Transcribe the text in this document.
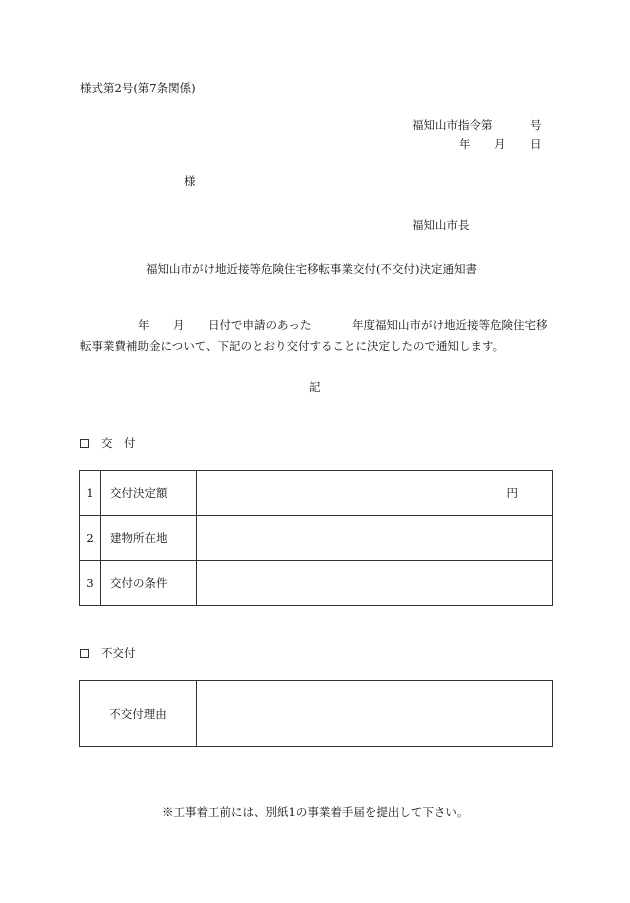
様式第2号(第7条関係)
福知山市指令第	号
年 月 日
様
福知山市長
福知山市がけ地近接等危険住宅移転事業交付(不交付)決定通知書
年 月 日付で申請のあった	年度福知山市がけ地近接等危険住宅移
転事業費補助金について、下記のとおり交付することに決定したので通知します。
記
交　付
1	交付決定額	円
2	建物所在地	
3	交付の条件	
不交付
不交付理由	
※工事着工前には、別紙1の事業着手届を提出して下さい。
